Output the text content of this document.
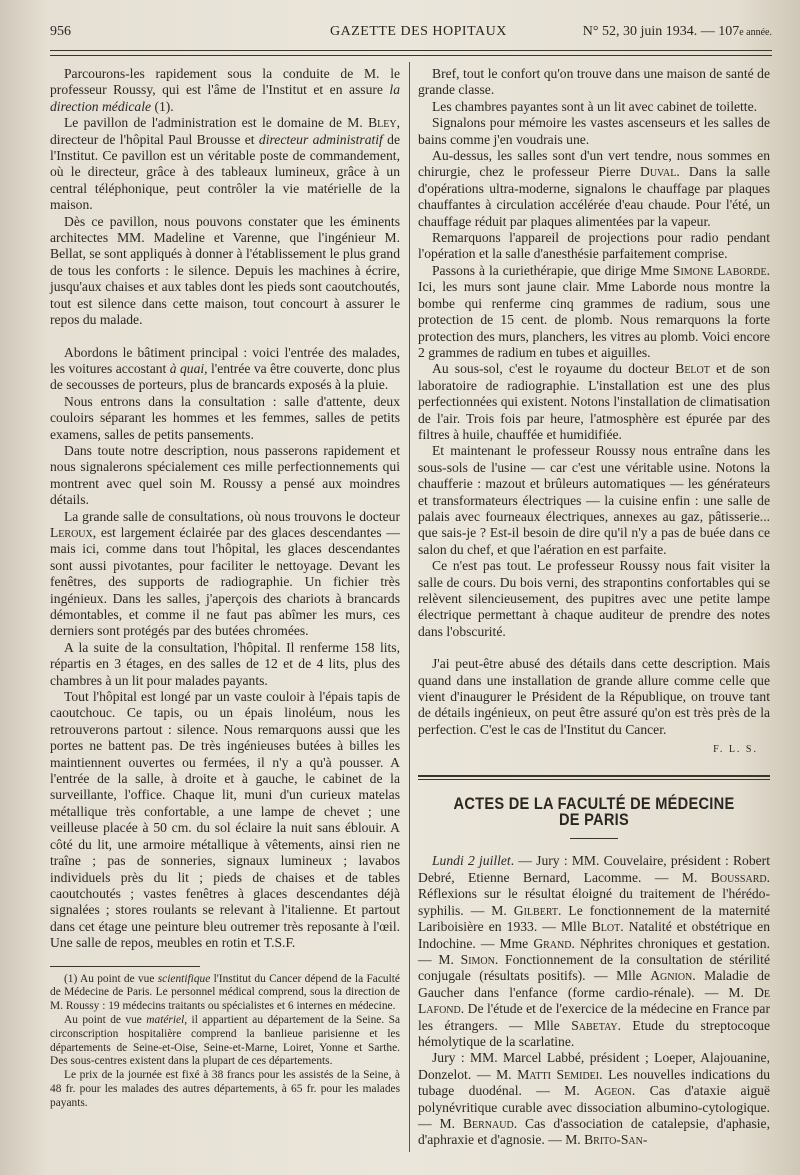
956	GAZETTE DES HOPITAUX	N° 52, 30 juin 1934. — 107e année.

Parcourons-les rapidement sous la conduite de M. le professeur Roussy, qui est l'âme de l'Institut et en assure la direction médicale (1).

Le pavillon de l'administration est le domaine de M. Bley, directeur de l'hôpital Paul Brousse et directeur administratif de l'Institut. Ce pavillon est un véritable poste de commandement, où le directeur, grâce à des tableaux lumineux, grâce à un central téléphonique, peut contrôler la vie matérielle de la maison.

Dès ce pavillon, nous pouvons constater que les éminents architectes MM. Madeline et Varenne, que l'ingénieur M. Bellat, se sont appliqués à donner à l'établissement le plus grand de tous les conforts : le silence. Depuis les machines à écrire, jusqu'aux chaises et aux tables dont les pieds sont caoutchoutés, tout est silence dans cette maison, tout concourt à assurer le repos du malade.

Abordons le bâtiment principal : voici l'entrée des malades, les voitures accostant à quai, l'entrée va être couverte, donc plus de secousses de porteurs, plus de brancards exposés à la pluie.

Nous entrons dans la consultation : salle d'attente, deux couloirs séparant les hommes et les femmes, salles de petits examens, salles de petits pansements.

Dans toute notre description, nous passerons rapidement et nous signalerons spécialement ces mille perfectionnements qui montrent avec quel soin M. Roussy a pensé aux moindres détails.

La grande salle de consultations, où nous trouvons le docteur Leroux, est largement éclairée par des glaces descendantes — mais ici, comme dans tout l'hôpital, les glaces descendantes sont aussi pivotantes, pour faciliter le nettoyage. Devant les fenêtres, des supports de radiographie. Un fichier très ingénieux. Dans les salles, j'aperçois des chariots à brancards démontables, et comme il ne faut pas abîmer les murs, ces derniers sont protégés par des butées chromées.

A la suite de la consultation, l'hôpital. Il renferme 158 lits, répartis en 3 étages, en des salles de 12 et de 4 lits, plus des chambres à un lit pour malades payants.

Tout l'hôpital est longé par un vaste couloir à l'épais tapis de caoutchouc. Ce tapis, ou un épais linoléum, nous les retrouverons partout : silence. Nous remarquons aussi que les portes ne battent pas. De très ingénieuses butées à billes les maintiennent ouvertes ou fermées, il n'y a qu'à pousser. A l'entrée de la salle, à droite et à gauche, le cabinet de la surveillante, l'office. Chaque lit, muni d'un curieux matelas métallique très confortable, a une lampe de chevet ; une veilleuse placée à 50 cm. du sol éclaire la nuit sans éblouir. A côté du lit, une armoire métallique à vêtements, ainsi rien ne traîne ; pas de sonneries, signaux lumineux ; lavabos individuels près du lit ; pieds de chaises et de tables caoutchoutés ; vastes fenêtres à glaces descendantes déjà signalées ; stores roulants se relevant à l'italienne. Et partout dans cet étage une peinture bleu outremer très reposante à l'œil. Une salle de repos, meubles en rotin et T.S.F.

(1) Au point de vue scientifique l'Institut du Cancer dépend de la Faculté de Médecine de Paris. Le personnel médical comprend, sous la direction de M. Roussy : 19 médecins traitants ou spécialistes et 6 internes en médecine.

Au point de vue matériel, il appartient au département de la Seine. Sa circonscription hospitalière comprend la banlieue parisienne et les départements de Seine-et-Oise, Seine-et-Marne, Loiret, Yonne et Sarthe. Des sous-centres existent dans la plupart de ces départements.

Le prix de la journée est fixé à 38 francs pour les assistés de la Seine, à 48 fr. pour les malades des autres départements, à 65 fr. pour les malades payants.

Bref, tout le confort qu'on trouve dans une maison de santé de grande classe.

Les chambres payantes sont à un lit avec cabinet de toilette.

Signalons pour mémoire les vastes ascenseurs et les salles de bains comme j'en voudrais une.

Au-dessus, les salles sont d'un vert tendre, nous sommes en chirurgie, chez le professeur Pierre Duval. Dans la salle d'opérations ultra-moderne, signalons le chauffage par plaques chauffantes à circulation accélérée d'eau chaude. Pour l'été, un chauffage réduit par plaques alimentées par la vapeur.

Remarquons l'appareil de projections pour radio pendant l'opération et la salle d'anesthésie parfaitement comprise.

Passons à la curiethérapie, que dirige Mme Simone Laborde. Ici, les murs sont jaune clair. Mme Laborde nous montre la bombe qui renferme cinq grammes de radium, sous une protection de 15 cent. de plomb. Nous remarquons la forte protection des murs, planchers, les vitres au plomb. Voici encore 2 grammes de radium en tubes et aiguilles.

Au sous-sol, c'est le royaume du docteur Belot et de son laboratoire de radiographie. L'installation est une des plus perfectionnées qui existent. Notons l'installation de climatisation de l'air. Trois fois par heure, l'atmosphère est épurée par des filtres à huile, chauffée et humidifiée.

Et maintenant le professeur Roussy nous entraîne dans les sous-sols de l'usine — car c'est une véritable usine. Notons la chaufferie : mazout et brûleurs automatiques — les générateurs et transformateurs électriques — la cuisine enfin : une salle de palais avec fourneaux électriques, annexes au gaz, pâtisserie... que sais-je ? Est-il besoin de dire qu'il n'y a pas de buée dans ce salon du chef, et que l'aération en est parfaite.

Ce n'est pas tout. Le professeur Roussy nous fait visiter la salle de cours. Du bois verni, des strapontins confortables qui se relèvent silencieusement, des pupitres avec une petite lampe électrique permettant à chaque auditeur de prendre des notes dans l'obscurité.

J'ai peut-être abusé des détails dans cette description. Mais quand dans une installation de grande allure comme celle que vient d'inaugurer le Président de la République, on trouve tant de détails ingénieux, on peut être assuré qu'on est très près de la perfection. C'est le cas de l'Institut du Cancer.

F. L. S.
ACTES DE LA FACULTÉ DE MÉDECINE DE PARIS

Lundi 2 juillet. — Jury : MM. Couvelaire, président : Robert Debré, Etienne Bernard, Lacomme. — M. Boussard. Réflexions sur le résultat éloigné du traitement de l'hérédo-syphilis. — M. Gilbert. Le fonctionnement de la maternité Lariboisière en 1933. — Mlle Blot. Natalité et obstétrique en Indochine. — Mme Grand. Néphrites chroniques et gestation. — M. Simon. Fonctionnement de la consultation de stérilité conjugale (résultats positifs). — Mlle Agnion. Maladie de Gaucher dans l'enfance (forme cardio-rénale). — M. De Lafond. De l'étude et de l'exercice de la médecine en France par les étrangers. — Mlle Sabetay. Etude du streptocoque hémolytique de la scarlatine.

Jury : MM. Marcel Labbé, président ; Loeper, Alajouanine, Donzelot. — M. Matti Semidei. Les nouvelles indications du tubage duodénal. — M. Ageon. Cas d'ataxie aiguë polynévritique curable avec dissociation albumino-cytologique. — M. Bernaud. Cas d'association de catalepsie, d'aphasie, d'aphraxie et d'agnosie. — M. Brito-San-
